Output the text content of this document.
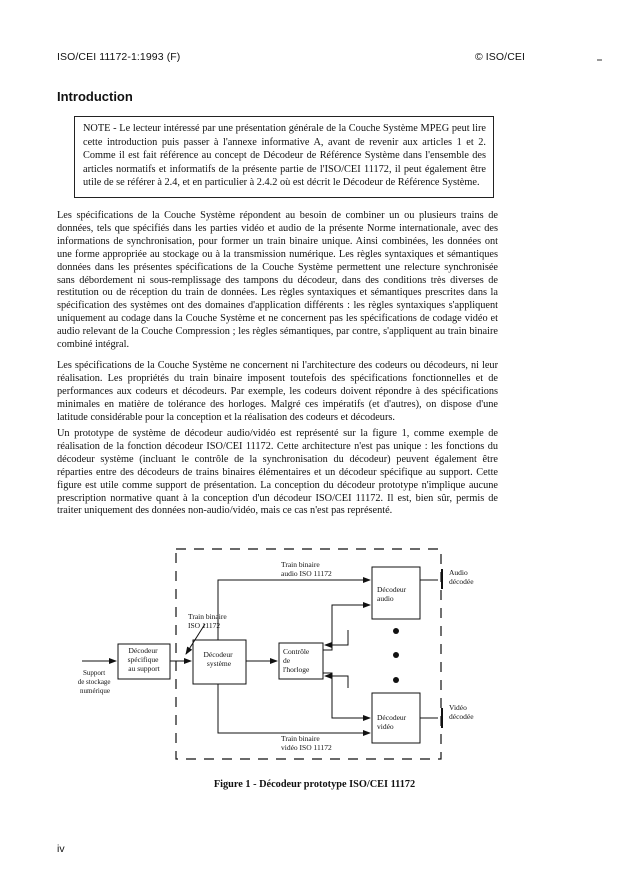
ISO/CEI 11172-1:1993 (F)	© ISO/CEI
Introduction
NOTE - Le lecteur intéressé par une présentation générale de la Couche Système MPEG peut lire cette introduction puis passer à l'annexe informative A, avant de revenir aux articles 1 et 2. Comme il est fait référence au concept de Décodeur de Référence Système dans l'ensemble des articles normatifs et informatifs de la présente partie de l'ISO/CEI 11172, il peut également être utile de se référer à 2.4, et en particulier à 2.4.2 où est décrit le Décodeur de Référence Système.

Les spécifications de la Couche Système répondent au besoin de combiner un ou plusieurs trains de données, tels que spécifiés dans les parties vidéo et audio de la présente Norme internationale, avec des informations de synchronisation, pour former un train binaire unique. Ainsi combinées, les données ont une forme appropriée au stockage ou à la transmission numérique. Les règles syntaxiques et sémantiques données dans les présentes spécifications de la Couche Système permettent une relecture synchronisée sans débordement ni sous-remplissage des tampons du décodeur, dans des conditions très diverses de restitution ou de réception du train de données. Les règles syntaxiques et sémantiques prescrites dans la spécification des systèmes ont des domaines d'application différents : les règles syntaxiques s'appliquent uniquement au codage dans la Couche Système et ne concernent pas les spécifications de codage vidéo et audio relevant de la Couche Compression ; les règles sémantiques, par contre, s'appliquent au train binaire combiné intégral.

Les spécifications de la Couche Système ne concernent ni l'architecture des codeurs ou décodeurs, ni leur réalisation. Les propriétés du train binaire imposent toutefois des spécifications fonctionnelles et de performances aux codeurs et décodeurs. Par exemple, les codeurs doivent répondre à des spécifications minimales en matière de tolérance des horloges. Malgré ces impératifs (et d'autres), on dispose d'une latitude considérable pour la conception et la réalisation des codeurs et décodeurs.

Un prototype de système de décodeur audio/vidéo est représenté sur la figure 1, comme exemple de réalisation de la fonction décodeur ISO/CEI 11172. Cette architecture n'est pas unique : les fonctions du décodeur système (incluant le contrôle de la synchronisation du décodeur) peuvent également être réparties entre des décodeurs de trains binaires élémentaires et un décodeur spécifique au support. Cette figure est utile comme support de présentation. La conception du décodeur prototype n'implique aucune prescription normative quant à la conception d'un décodeur ISO/CEI 11172. Il est, bien sûr, permis de traiter uniquement des données non-audio/vidéo, mais ce cas n'est pas représenté.

Train binaire audio ISO 11172
Train binaire ISO 11172
Support de stockage numérique
Décodeur spécifique au support
Décodeur système
Contrôle de l'horloge
Décodeur audio
Décodeur vidéo
Audio décodée
Vidéo décodée
Train binaire vidéo ISO 11172
Figure 1 - Décodeur prototype ISO/CEI 11172
iv
